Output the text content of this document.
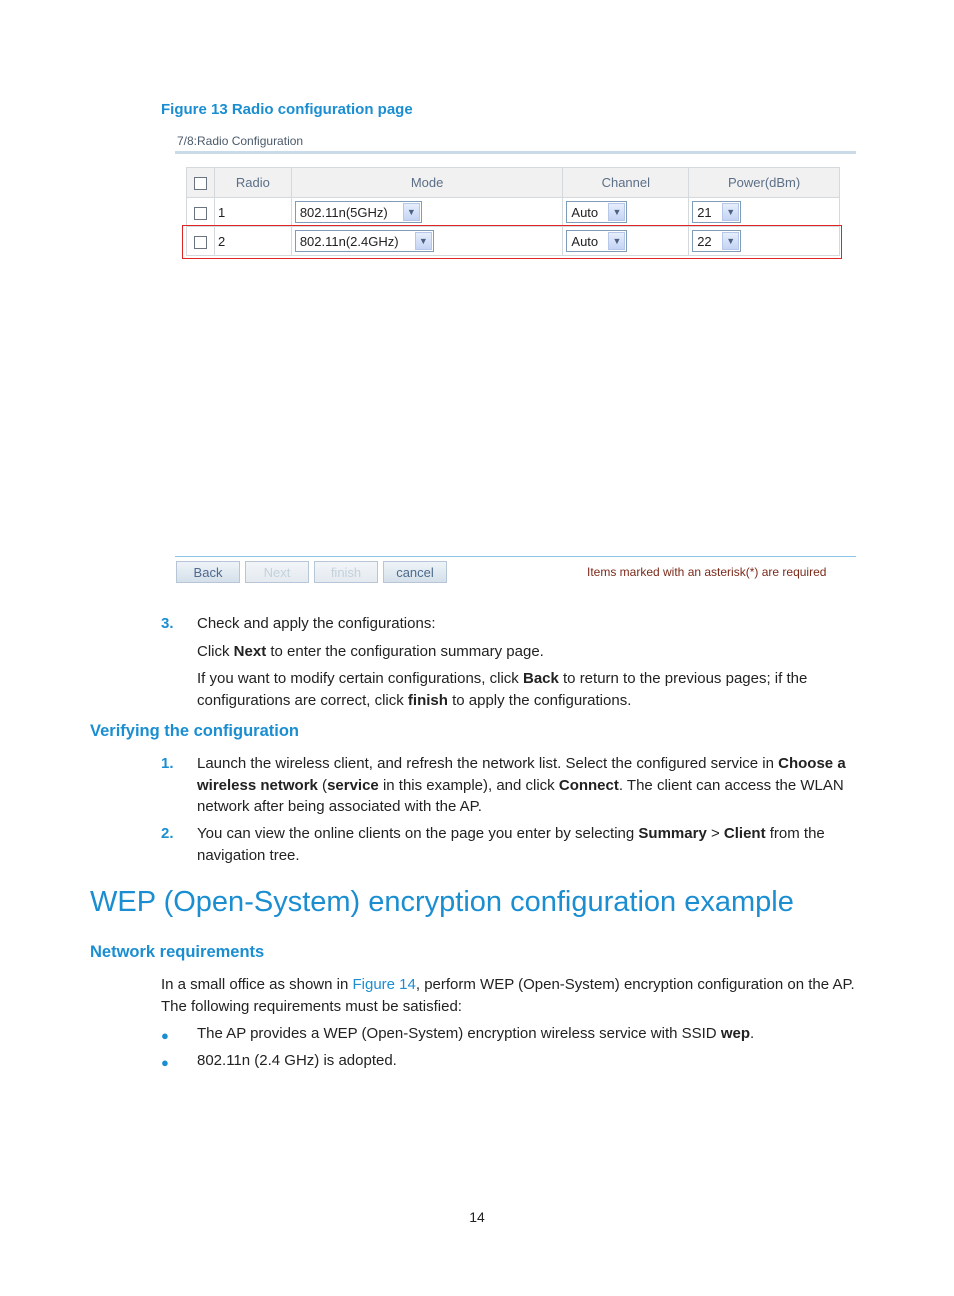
Figure 13 Radio configuration page
7/8:Radio Configuration
	Radio	Mode	Channel	Power(dBm)
	1	802.11n(5GHz) ▼	Auto ▼	21 ▼

	2	802.11n(2.4GHz) ▼	Auto ▼	22 ▼
Back	Next	finish	cancel	Items marked with an asterisk(*) are required
3. Check and apply the configurations:
Click Next to enter the configuration summary page.
If you want to modify certain configurations, click Back to return to the previous pages; if the
configurations are correct, click finish to apply the configurations.
Verifying the configuration
1. Launch the wireless client, and refresh the network list. Select the configured service in Choose a
wireless network (service in this example), and click Connect. The client can access the WLAN
network after being associated with the AP.
2. You can view the online clients on the page you enter by selecting Summary > Client from the
navigation tree.
WEP (Open-System) encryption configuration example
Network requirements
In a small office as shown in Figure 14, perform WEP (Open-System) encryption configuration on the AP.
The following requirements must be satisfied:
● The AP provides a WEP (Open-System) encryption wireless service with SSID wep.
● 802.11n (2.4 GHz) is adopted.
14
